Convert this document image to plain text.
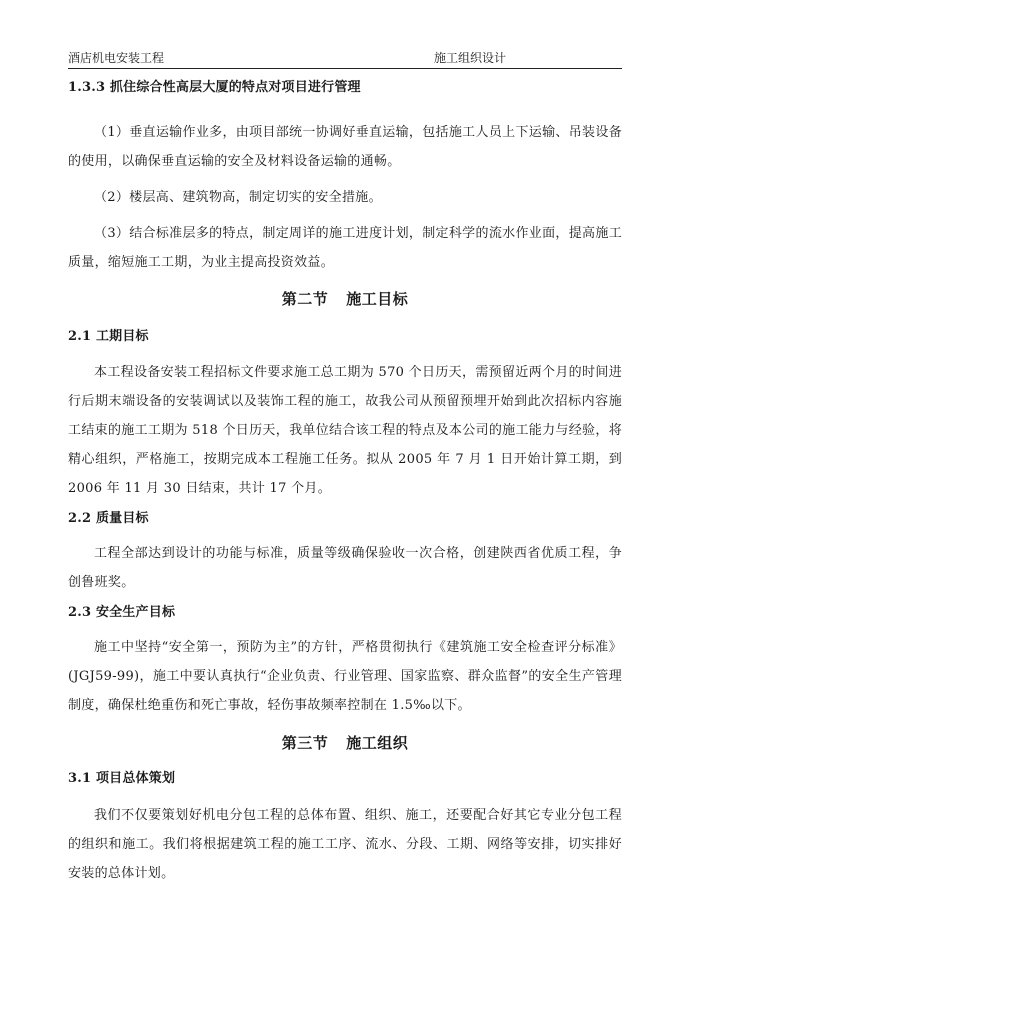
酒店机电安装工程	施工组织设计

1.3.3 抓住综合性高层大厦的特点对项目进行管理

（1）垂直运输作业多，由项目部统一协调好垂直运输，包括施工人员上下运输、吊装设备的使用，以确保垂直运输的安全及材料设备运输的通畅。

（2）楼层高、建筑物高，制定切实的安全措施。

（3）结合标准层多的特点，制定周详的施工进度计划，制定科学的流水作业面，提高施工质量，缩短施工工期，为业主提高投资效益。

第二节 施工目标

2.1 工期目标

本工程设备安装工程招标文件要求施工总工期为 570 个日历天，需预留近两个月的时间进行后期末端设备的安装调试以及装饰工程的施工，故我公司从预留预埋开始到此次招标内容施工结束的施工工期为 518 个日历天，我单位结合该工程的特点及本公司的施工能力与经验，将精心组织，严格施工，按期完成本工程施工任务。拟从 2005 年 7 月 1 日开始计算工期，到 2006 年 11 月 30 日结束，共计 17 个月。

2.2 质量目标

工程全部达到设计的功能与标准，质量等级确保验收一次合格，创建陕西省优质工程，争创鲁班奖。

2.3 安全生产目标

施工中坚持“安全第一，预防为主”的方针，严格贯彻执行《建筑施工安全检查评分标准》(JGJ59-99)，施工中要认真执行“企业负责、行业管理、国家监察、群众监督”的安全生产管理制度，确保杜绝重伤和死亡事故，轻伤事故频率控制在 1.5‰以下。

第三节 施工组织

3.1 项目总体策划

我们不仅要策划好机电分包工程的总体布置、组织、施工，还要配合好其它专业分包工程的组织和施工。我们将根据建筑工程的施工工序、流水、分段、工期、网络等安排，切实排好安装的总体计划。
